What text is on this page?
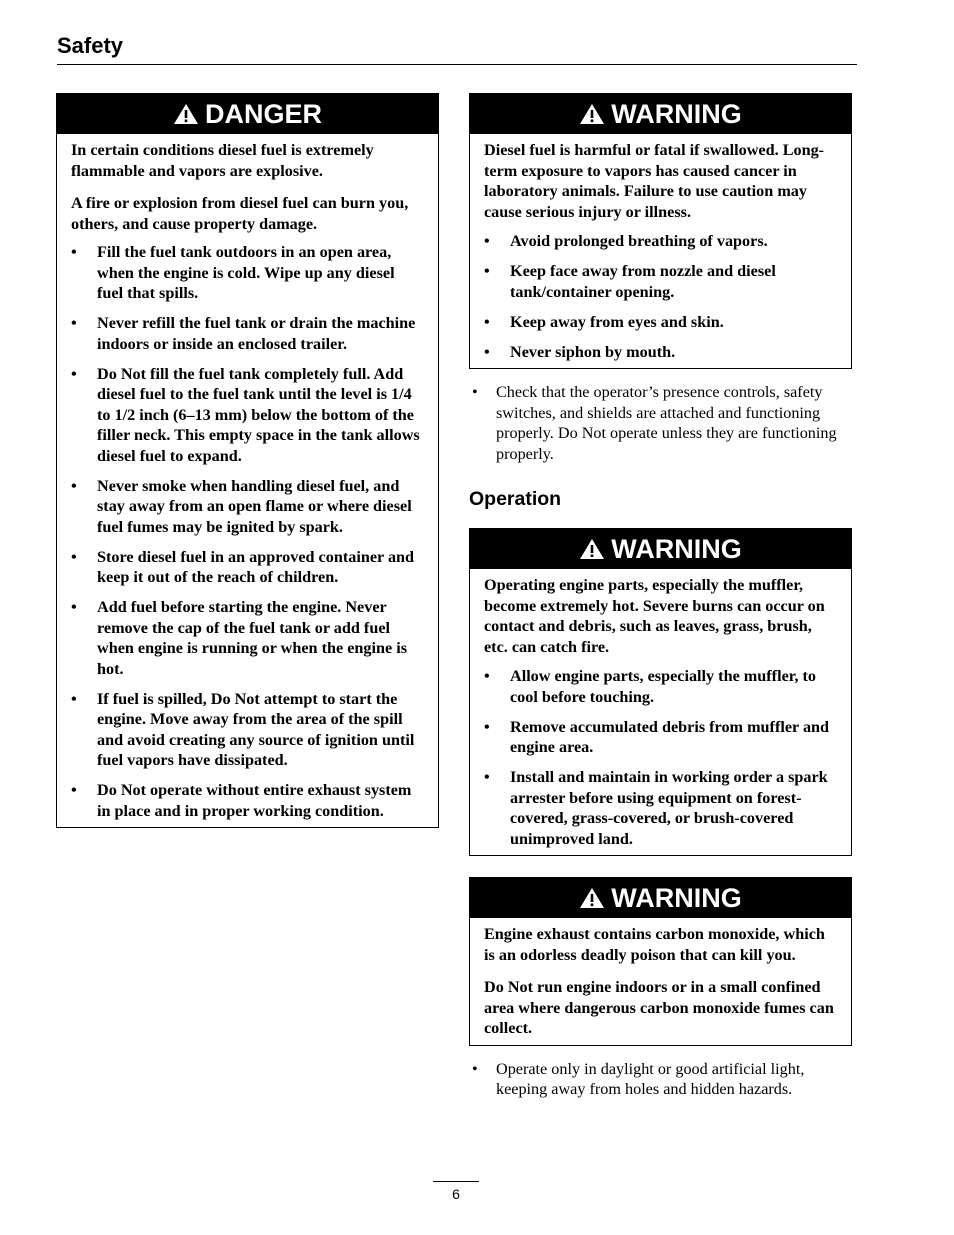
Safety
DANGER

In certain conditions diesel fuel is extremely flammable and vapors are explosive.

A fire or explosion from diesel fuel can burn you, others, and cause property damage.

• Fill the fuel tank outdoors in an open area, when the engine is cold. Wipe up any diesel fuel that spills.
• Never refill the fuel tank or drain the machine indoors or inside an enclosed trailer.
• Do Not fill the fuel tank completely full. Add diesel fuel to the fuel tank until the level is 1/4 to 1/2 inch (6–13 mm) below the bottom of the filler neck. This empty space in the tank allows diesel fuel to expand.
• Never smoke when handling diesel fuel, and stay away from an open flame or where diesel fuel fumes may be ignited by spark.
• Store diesel fuel in an approved container and keep it out of the reach of children.
• Add fuel before starting the engine. Never remove the cap of the fuel tank or add fuel when engine is running or when the engine is hot.
• If fuel is spilled, Do Not attempt to start the engine. Move away from the area of the spill and avoid creating any source of ignition until fuel vapors have dissipated.
• Do Not operate without entire exhaust system in place and in proper working condition.
WARNING

Diesel fuel is harmful or fatal if swallowed. Long-term exposure to vapors has caused cancer in laboratory animals. Failure to use caution may cause serious injury or illness.

• Avoid prolonged breathing of vapors.
• Keep face away from nozzle and diesel tank/container opening.
• Keep away from eyes and skin.
• Never siphon by mouth.
• Check that the operator’s presence controls, safety switches, and shields are attached and functioning properly. Do Not operate unless they are functioning properly.
Operation
WARNING

Operating engine parts, especially the muffler, become extremely hot. Severe burns can occur on contact and debris, such as leaves, grass, brush, etc. can catch fire.

• Allow engine parts, especially the muffler, to cool before touching.
• Remove accumulated debris from muffler and engine area.
• Install and maintain in working order a spark arrester before using equipment on forest-covered, grass-covered, or brush-covered unimproved land.
WARNING

Engine exhaust contains carbon monoxide, which is an odorless deadly poison that can kill you.

Do Not run engine indoors or in a small confined area where dangerous carbon monoxide fumes can collect.

• Operate only in daylight or good artificial light, keeping away from holes and hidden hazards.
6
